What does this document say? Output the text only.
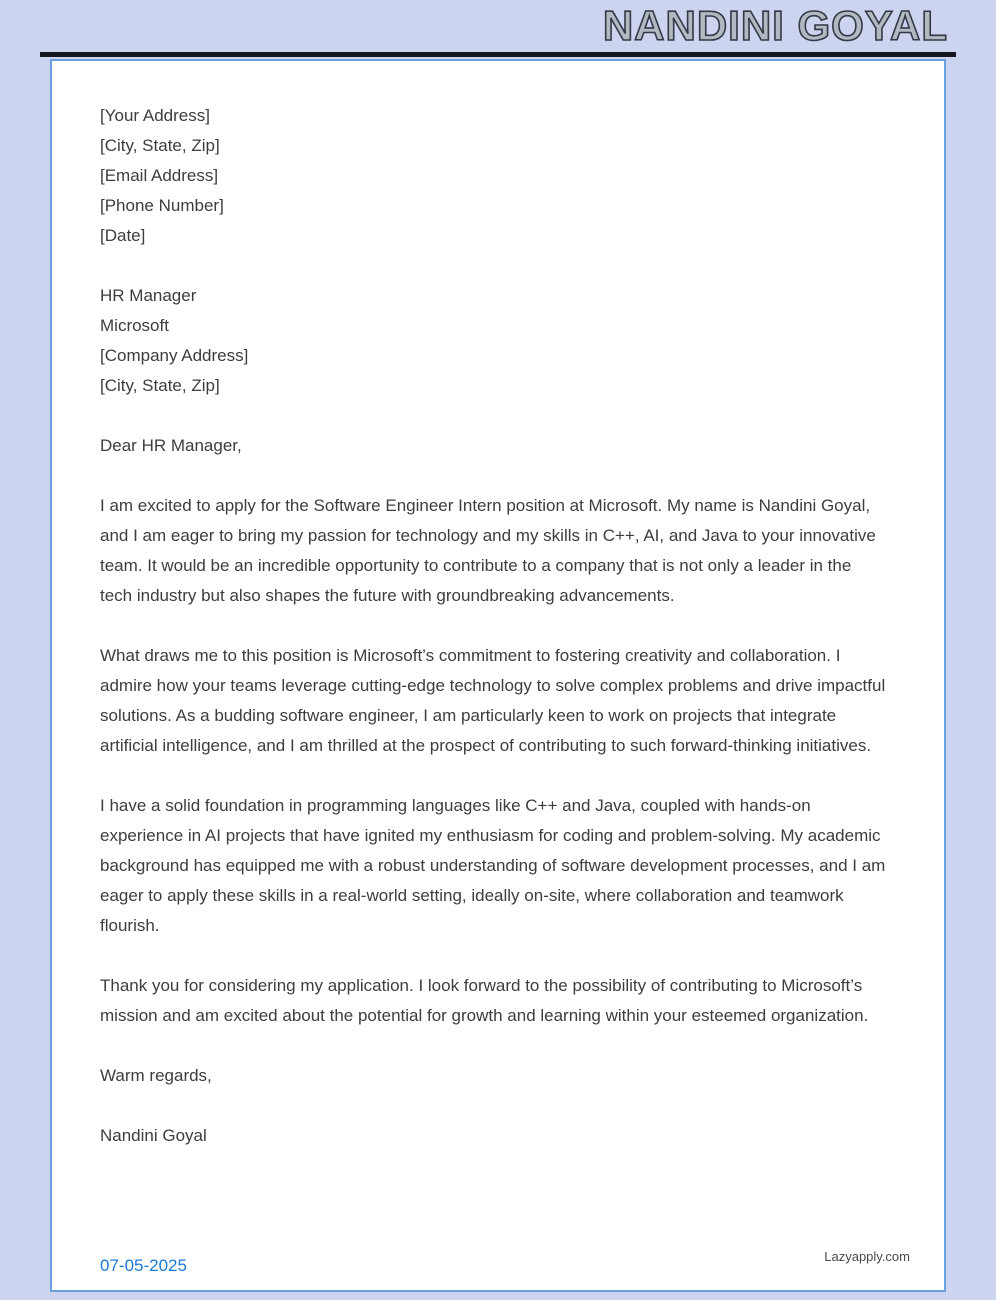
NANDINI GOYAL
[Your Address]
[City, State, Zip]
[Email Address]
[Phone Number]
[Date]
HR Manager
Microsoft
[Company Address]
[City, State, Zip]

Dear HR Manager,

I am excited to apply for the Software Engineer Intern position at Microsoft. My name is Nandini Goyal, and I am eager to bring my passion for technology and my skills in C++, AI, and Java to your innovative team. It would be an incredible opportunity to contribute to a company that is not only a leader in the tech industry but also shapes the future with groundbreaking advancements.

What draws me to this position is Microsoft’s commitment to fostering creativity and collaboration. I admire how your teams leverage cutting-edge technology to solve complex problems and drive impactful solutions. As a budding software engineer, I am particularly keen to work on projects that integrate artificial intelligence, and I am thrilled at the prospect of contributing to such forward-thinking initiatives.

I have a solid foundation in programming languages like C++ and Java, coupled with hands-on experience in AI projects that have ignited my enthusiasm for coding and problem-solving. My academic background has equipped me with a robust understanding of software development processes, and I am eager to apply these skills in a real-world setting, ideally on-site, where collaboration and teamwork flourish.

Thank you for considering my application. I look forward to the possibility of contributing to Microsoft’s mission and am excited about the potential for growth and learning within your esteemed organization.

Warm regards,

Nandini Goyal

07-05-2025	Lazyapply.com
